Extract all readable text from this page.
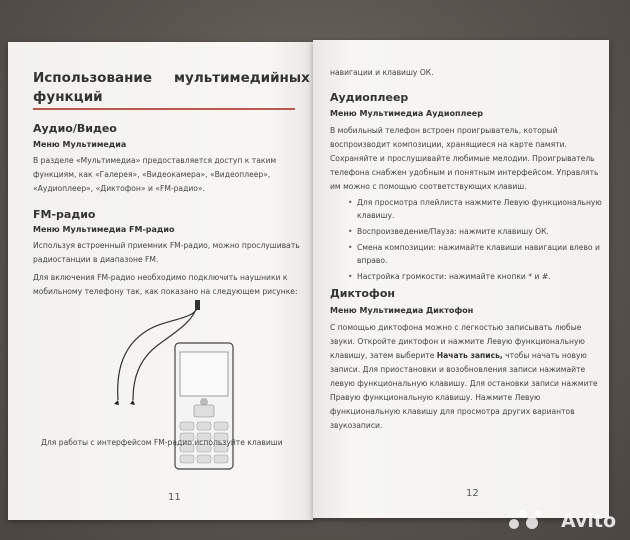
Использование мультимедийных
функций
Аудио/Видео
Меню Мультимедиа
В разделе «Мультимедиа» предоставляется доступ к таким
функциям, как «Галерея», «Видеокамера», «Видеоплеер»,
«Аудиоплеер», «Диктофон» и «FM-радио».
FM-радио
Меню Мультимедиа FM-радио
Используя встроенный приемник FM-радио, можно прослушивать
радиостанции в диапазоне FM.
Для включения FM-радио необходимо подключить наушники к
мобильному телефону так, как показано на следующем рисунке:
Для работы с интерфейсом FM-радио используйте клавиши
11
навигации и клавишу ОК.
Аудиоплеер
Меню Мультимедиа Аудиоплеер
В мобильный телефон встроен проигрыватель, который
воспроизводит композиции, хранящиеся на карте памяти.
Сохраняйте и прослушивайте любимые мелодии. Проигрыватель
телефона снабжен удобным и понятным интерфейсом. Управлять
им можно с помощью соответствующих клавиш.
• Для просмотра плейлиста нажмите Левую функциональную
клавишу.
• Воспроизведение/Пауза: нажмите клавишу ОК.
• Смена композиции: нажимайте клавиши навигации влево и
вправо.
• Настройка громкости: нажимайте кнопки * и #.
Диктофон
Меню Мультимедиа Диктофон
С помощью диктофона можно с легкостью записывать любые
звуки. Откройте диктофон и нажмите Левую функциональную
клавишу, затем выберите Начать запись, чтобы начать новую
записи. Для приостановки и возобновления записи нажимайте
левую функциональную клавишу. Для остановки записи нажмите
Правую функциональную клавишу. Нажмите Левую
функциональную клавишу для просмотра других вариантов
звукозаписи.
12
Avito
